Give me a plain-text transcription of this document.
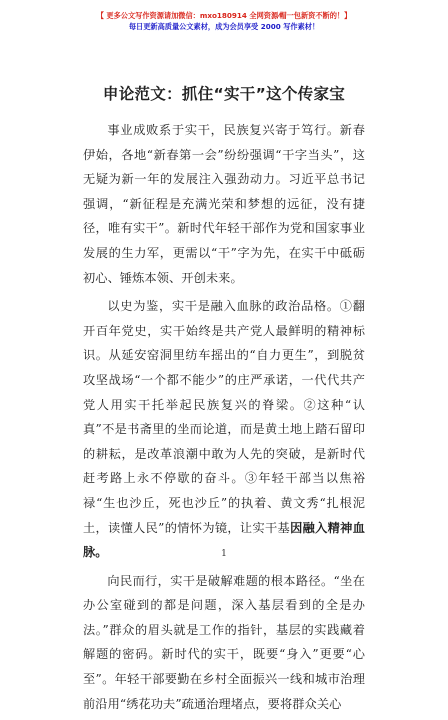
【 更多公文写作资源请加微信：mxo180914 全网资源⁄帽一包新资不断的！】
每日更新高质量公文素材，成为会员享受 2000 写作素材！
申论范文：抓住“实干”这个传家宝

事业成败系于实干，民族复兴寄于笃行。新春伊始，各地“新春第一会”纷纷强调“干字当头”，这无疑为新一年的发展注入强劲动力。习近平总书记强调，“新征程是充满光荣和梦想的远征，没有捷径，唯有实干”。新时代年轻干部作为党和国家事业发展的生力军，更需以“干”字为先，在实干中砥砺初心、锤炼本领、开创未来。

以史为鉴，实干是融入血脉的政治品格。①翻开百年党史，实干始终是共产党人最鲜明的精神标识。从延安窑洞里纺车摇出的“自力更生”，到脱贫攻坚战场“一个都不能少”的庄严承诺，一代代共产党人用实干托举起民族复兴的脊梁。②这种“认真”不是书斋里的坐而论道，而是黄土地上踏石留印的耕耘，是改革浪潮中敢为人先的突破，是新时代赶考路上永不停歇的奋斗。③年轻干部当以焦裕禄“生也沙丘，死也沙丘”的执着、黄文秀“扎根泥土，读懂人民”的情怀为镜，让实干基因融入精神血脉。

向民而行，实干是破解难题的根本路径。“坐在办公室碰到的都是问题，深入基层看到的全是办法。”群众的眉头就是工作的指针，基层的实践藏着解题的密码。新时代的实干，既要“身入”更要“心至”。年轻干部要勤在乡村全面振兴一线和城市治理前沿用“绣花功夫”疏通治理堵点，要将群众关心

1
